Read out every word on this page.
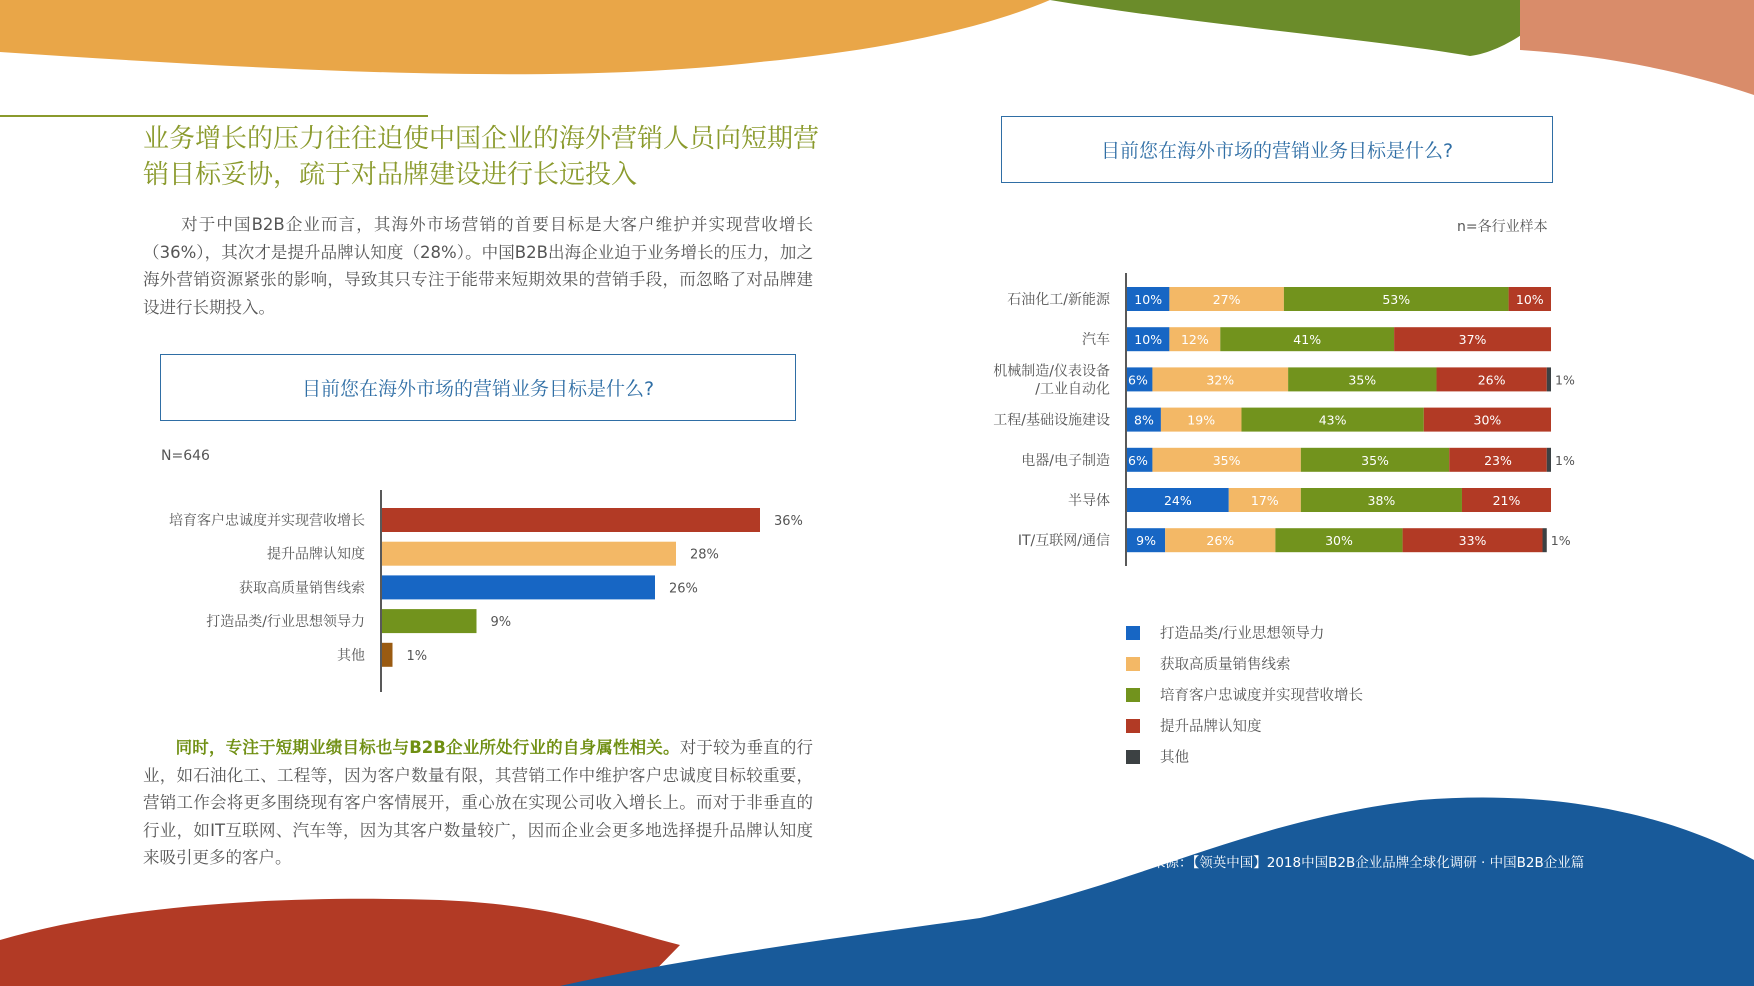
业务增长的压力往往迫使中国企业的海外营销人员向短期营销目标妥协，疏于对品牌建设进行长远投入
对于中国B2B企业而言，其海外市场营销的首要目标是大客户维护并实现营收增长（36%），其次才是提升品牌认知度（28%）。中国B2B出海企业迫于业务增长的压力，加之海外营销资源紧张的影响，导致其只专注于能带来短期效果的营销手段，而忽略了对品牌建设进行长期投入。
目前您在海外市场的营销业务目标是什么?
N=646
培育客户忠诚度并实现营收增长	36%
提升品牌认知度	28%
获取高质量销售线索	26%
打造品类/行业思想领导力	9%
其他	1%
目前您在海外市场的营销业务目标是什么?
n=各行业样本
石油化工/新能源 10%	27%	53%	10%
汽车 10% 12%	41%	37%
机械制造/仪表设备
/工业自动化
6%	32%	35%	26%	1%
工程/基础设施建设 8%	19%	43%	30%
电器/电子制造 6%	35%	35%	23%	1%
半导体	24%	17%	38%	21%
IT/互联网/通信 9%	26%	30%	33%	1%
打造品类/行业思想领导力
获取高质量销售线索
培育客户忠诚度并实现营收增长
提升品牌认知度
其他
同时，专注于短期业绩目标也与B2B企业所处行业的自身属性相关。对于较为垂直的行业，如石油化工、工程等，因为客户数量有限，其营销工作中维护客户忠诚度目标较重要，营销工作会将更多围绕现有客户客情展开，重心放在实现公司收入增长上。而对于非垂直的行业，如IT互联网、汽车等，因为其客户数量较广，因而企业会更多地选择提升品牌认知度来吸引更多的客户。	数据来源：【领英中国】2018中国B2B企业品牌全球化调研 · 中国B2B企业篇
16
